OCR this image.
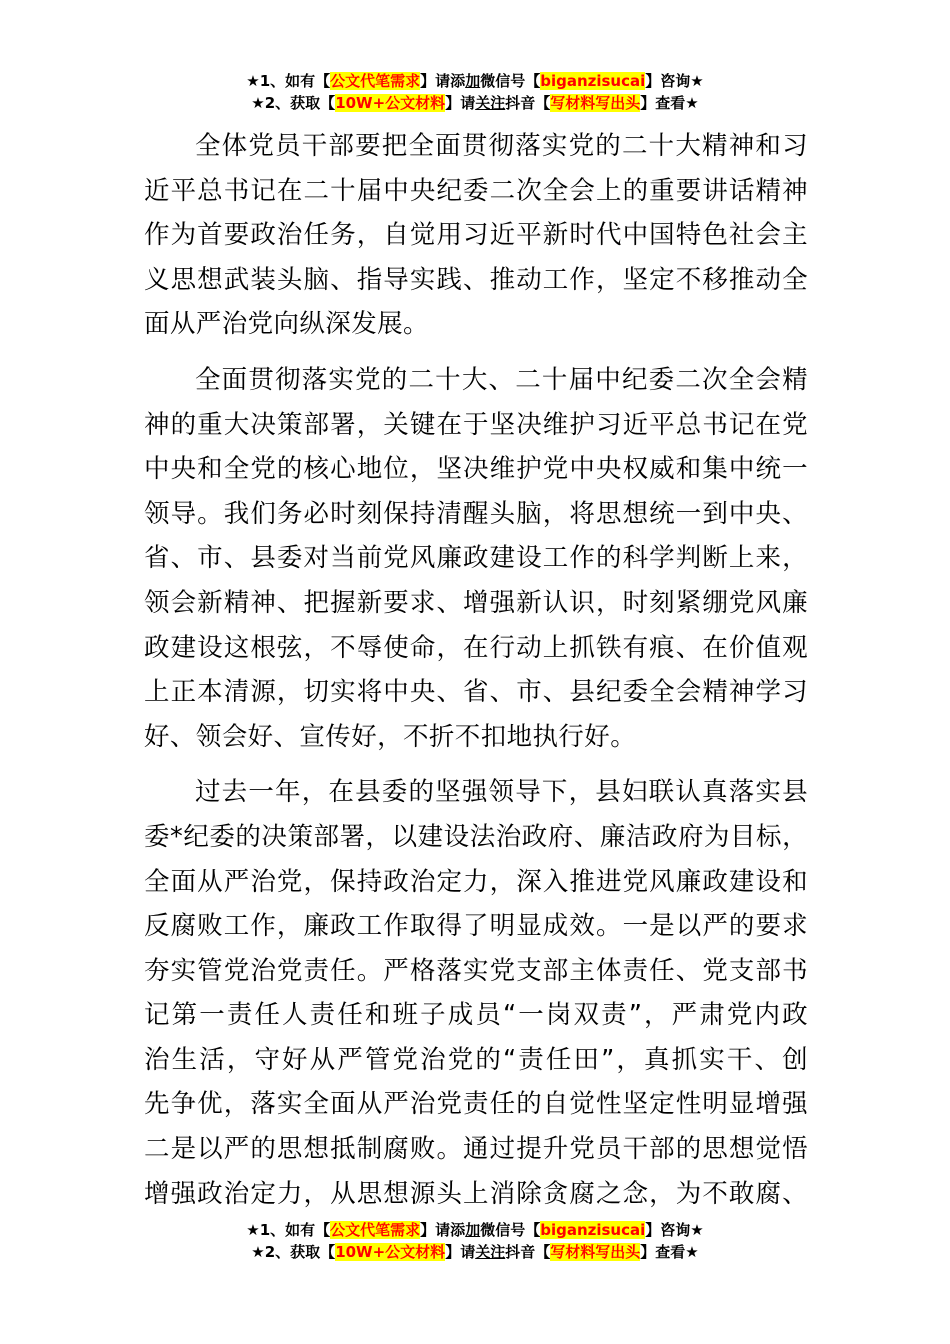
★1、如有【公文代笔需求】请添加微信号【biganzisucai】咨询★
★2、获取【10W+公文材料】请关注抖音【写材料写出头】查看★
全体党员干部要把全面贯彻落实党的二十大精神和习
近平总书记在二十届中央纪委二次全会上的重要讲话精神
作为首要政治任务，自觉用习近平新时代中国特色社会主
义思想武装头脑、指导实践、推动工作，坚定不移推动全
面从严治党向纵深发展。
全面贯彻落实党的二十大、二十届中纪委二次全会精
神的重大决策部署，关键在于坚决维护习近平总书记在党
中央和全党的核心地位，坚决维护党中央权威和集中统一
领导。我们务必时刻保持清醒头脑，将思想统一到中央、
省、市、县委对当前党风廉政建设工作的科学判断上来，
领会新精神、把握新要求、增强新认识，时刻紧绷党风廉
政建设这根弦，不辱使命，在行动上抓铁有痕、在价值观
上正本清源，切实将中央、省、市、县纪委全会精神学习
好、领会好、宣传好，不折不扣地执行好。
过去一年，在县委的坚强领导下，县妇联认真落实县
委*纪委的决策部署，以建设法治政府、廉洁政府为目标，
全面从严治党，保持政治定力，深入推进党风廉政建设和
反腐败工作，廉政工作取得了明显成效。一是以严的要求
夯实管党治党责任。严格落实党支部主体责任、党支部书
记第一责任人责任和班子成员“一岗双责”，严肃党内政
治生活，守好从严管党治党的“责任田”，真抓实干、创
先争优，落实全面从严治党责任的自觉性坚定性明显增强
二是以严的思想抵制腐败。通过提升党员干部的思想觉悟
增强政治定力，从思想源头上消除贪腐之念，为不敢腐、
★1、如有【公文代笔需求】请添加微信号【biganzisucai】咨询★
★2、获取【10W+公文材料】请关注抖音【写材料写出头】查看★
